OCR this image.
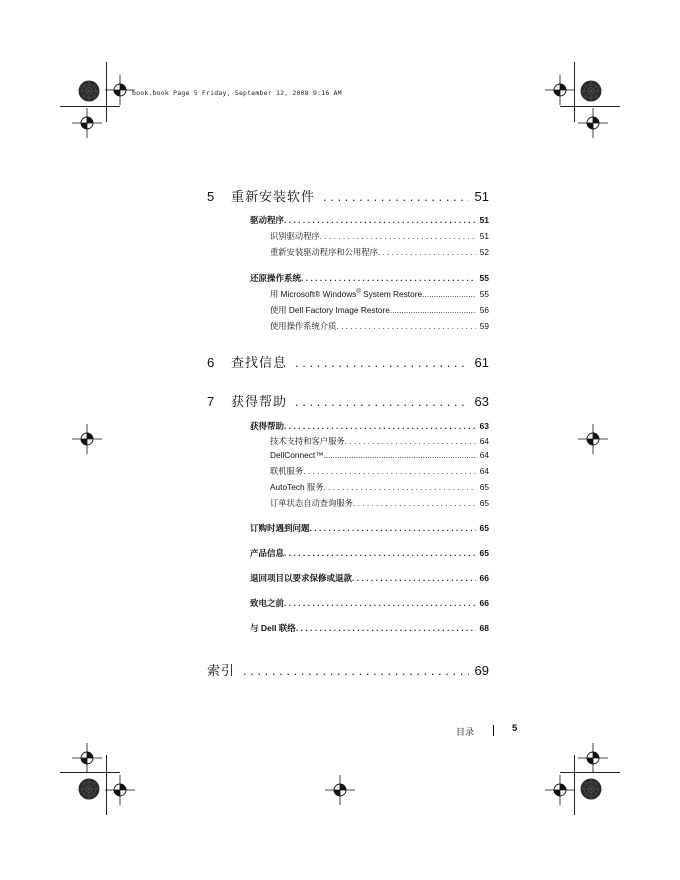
book.book Page 5 Friday, September 12, 2008 9:16 AM
5	重新安装软件 . . .	51
驱动程序 . . .	51
识别驱动程序 . . .	51
重新安装驱动程序和公用程序 . . .	52
还原操作系统 . . .	55
用 Microsoft® Windows® System Restore .....	55
使用 Dell Factory Image Restore .....	56
使用操作系统介质 . . .	59
6	查找信息 . . .	61
7	获得帮助 . . .	63
获得帮助 . . .	63
技术支持和客户服务 . . .	64
DellConnect™ .....	64
联机服务 . . .	64
AutoTech 服务 . . .	65
订单状态自动查询服务 . . .	65
订购时遇到问题 . . .	65
产品信息 . . .	65
退回项目以要求保修或退款 . . .	66
致电之前 . . .	66
与 Dell 联络 . . .	68
索引 . . .	69
目录	5
